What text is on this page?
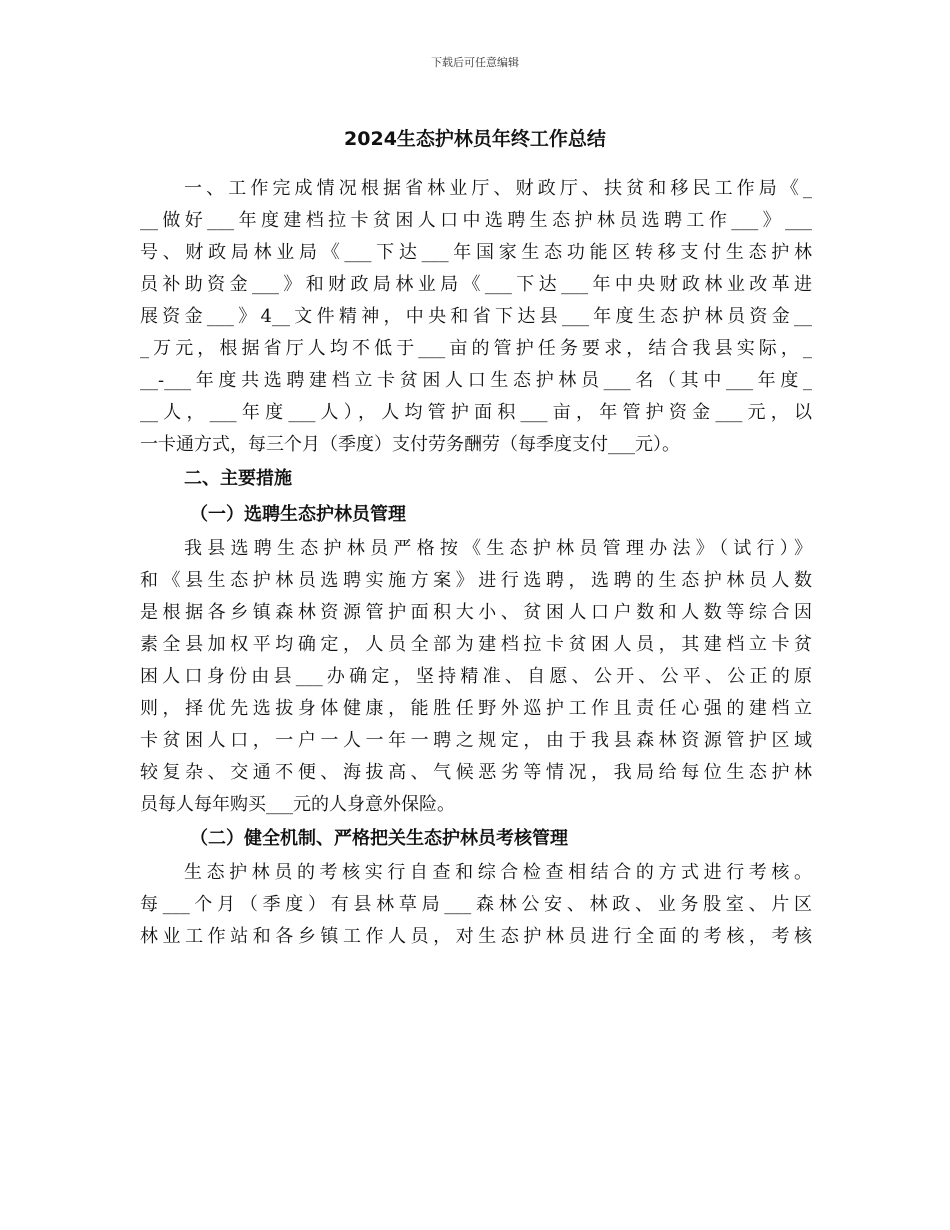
下载后可任意编辑
2024生态护林员年终工作总结
一、工作完成情况根据省林业厅、财政厅、扶贫和移民工作局《_
__做好___年度建档拉卡贫困人口中选聘生态护林员选聘工作___》___
号、财政局林业局《___下达___年国家生态功能区转移支付生态护林
员补助资金___》和财政局林业局《___下达___年中央财政林业改革进
展资金___》4__文件精神，中央和省下达县___年度生态护林员资金__
_万元，根据省厅人均不低于___亩的管护任务要求，结合我县实际，_
__-___年度共选聘建档立卡贫困人口生态护林员___名（其中___年度_
__人，___年度___人），人均管护面积___亩，年管护资金___元，以
一卡通方式，每三个月（季度）支付劳务酬劳（每季度支付___元）。
二、主要措施
（一）选聘生态护林员管理
我县选聘生态护林员严格按《生态护林员管理办法》（试行）》
和《县生态护林员选聘实施方案》进行选聘，选聘的生态护林员人数
是根据各乡镇森林资源管护面积大小、贫困人口户数和人数等综合因
素全县加权平均确定，人员全部为建档拉卡贫困人员，其建档立卡贫
困人口身份由县___办确定，坚持精准、自愿、公开、公平、公正的原
则，择优先选拔身体健康，能胜任野外巡护工作且责任心强的建档立
卡贫困人口，一户一人一年一聘之规定，由于我县森林资源管护区域
较复杂、交通不便、海拔高、气候恶劣等情况，我局给每位生态护林
员每人每年购买___元的人身意外保险。
（二）健全机制、严格把关生态护林员考核管理
生态护林员的考核实行自查和综合检查相结合的方式进行考核。
每___个月（季度）有县林草局___森林公安、林政、业务股室、片区
林业工作站和各乡镇工作人员，对生态护林员进行全面的考核，考核
